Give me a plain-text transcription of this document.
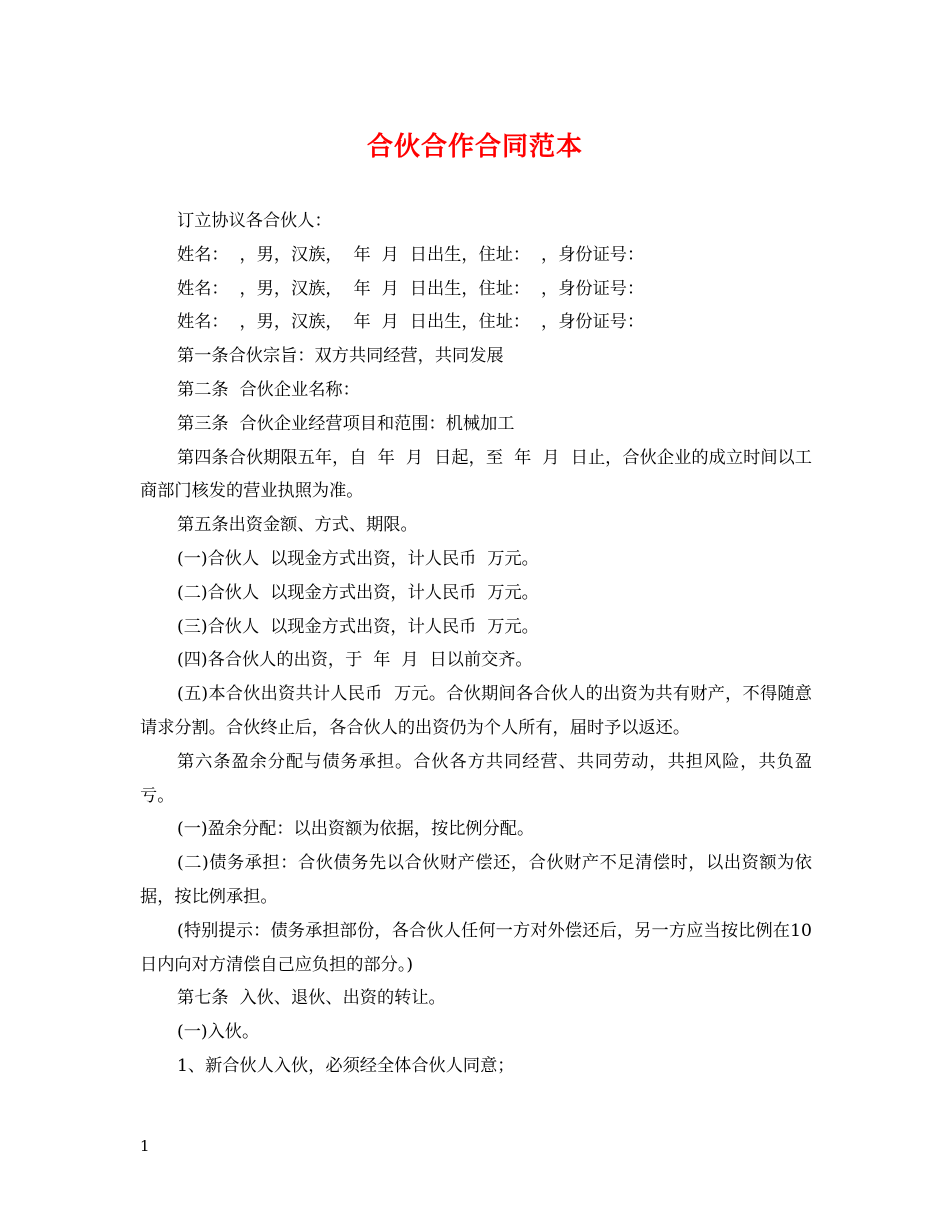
合伙合作合同范本

订立协议各合伙人：

姓名：  ，男，汉族，  年  月  日出生，住址：  ，身份证号：

姓名：  ，男，汉族，  年  月  日出生，住址：  ，身份证号：

姓名：  ，男，汉族，  年  月  日出生，住址：  ，身份证号：

第一条合伙宗旨：双方共同经营，共同发展

第二条  合伙企业名称：

第三条  合伙企业经营项目和范围：机械加工

第四条合伙期限五年，自  年  月  日起，至  年  月  日止，合伙企业的成立时间以工商部门核发的营业执照为准。

第五条出资金额、方式、期限。

(一)合伙人  以现金方式出资，计人民币  万元。

(二)合伙人  以现金方式出资，计人民币  万元。

(三)合伙人  以现金方式出资，计人民币  万元。

(四)各合伙人的出资，于  年  月  日以前交齐。

(五)本合伙出资共计人民币  万元。合伙期间各合伙人的出资为共有财产，不得随意请求分割。合伙终止后，各合伙人的出资仍为个人所有，届时予以返还。

第六条盈余分配与债务承担。合伙各方共同经营、共同劳动，共担风险，共负盈亏。

(一)盈余分配：以出资额为依据，按比例分配。

(二)债务承担：合伙债务先以合伙财产偿还，合伙财产不足清偿时，以出资额为依据，按比例承担。

(特别提示：债务承担部份，各合伙人任何一方对外偿还后，另一方应当按比例在10日内向对方清偿自己应负担的部分。)

第七条  入伙、退伙、出资的转让。

(一)入伙。

1、新合伙人入伙，必须经全体合伙人同意；

1
